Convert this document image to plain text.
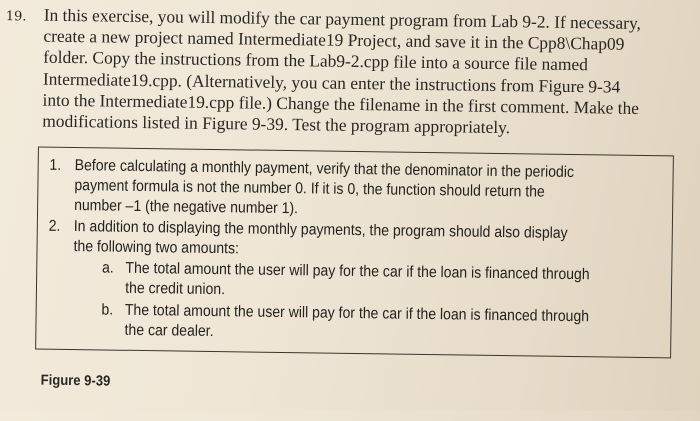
19. In this exercise, you will modify the car payment program from Lab 9-2. If necessary,
create a new project named Intermediate19 Project, and save it in the Cpp8\Chap09
folder. Copy the instructions from the Lab9-2.cpp file into a source file named
Intermediate19.cpp. (Alternatively, you can enter the instructions from Figure 9-34
into the Intermediate19.cpp file.) Change the filename in the first comment. Make the
modifications listed in Figure 9-39. Test the program appropriately.
1. Before calculating a monthly payment, verify that the denominator in the periodic
payment formula is not the number 0. If it is 0, the function should return the
number –1 (the negative number 1).
2. In addition to displaying the monthly payments, the program should also display
the following two amounts:
a. The total amount the user will pay for the car if the loan is financed through
the credit union.
b. The total amount the user will pay for the car if the loan is financed through
the car dealer.
Figure 9-39
